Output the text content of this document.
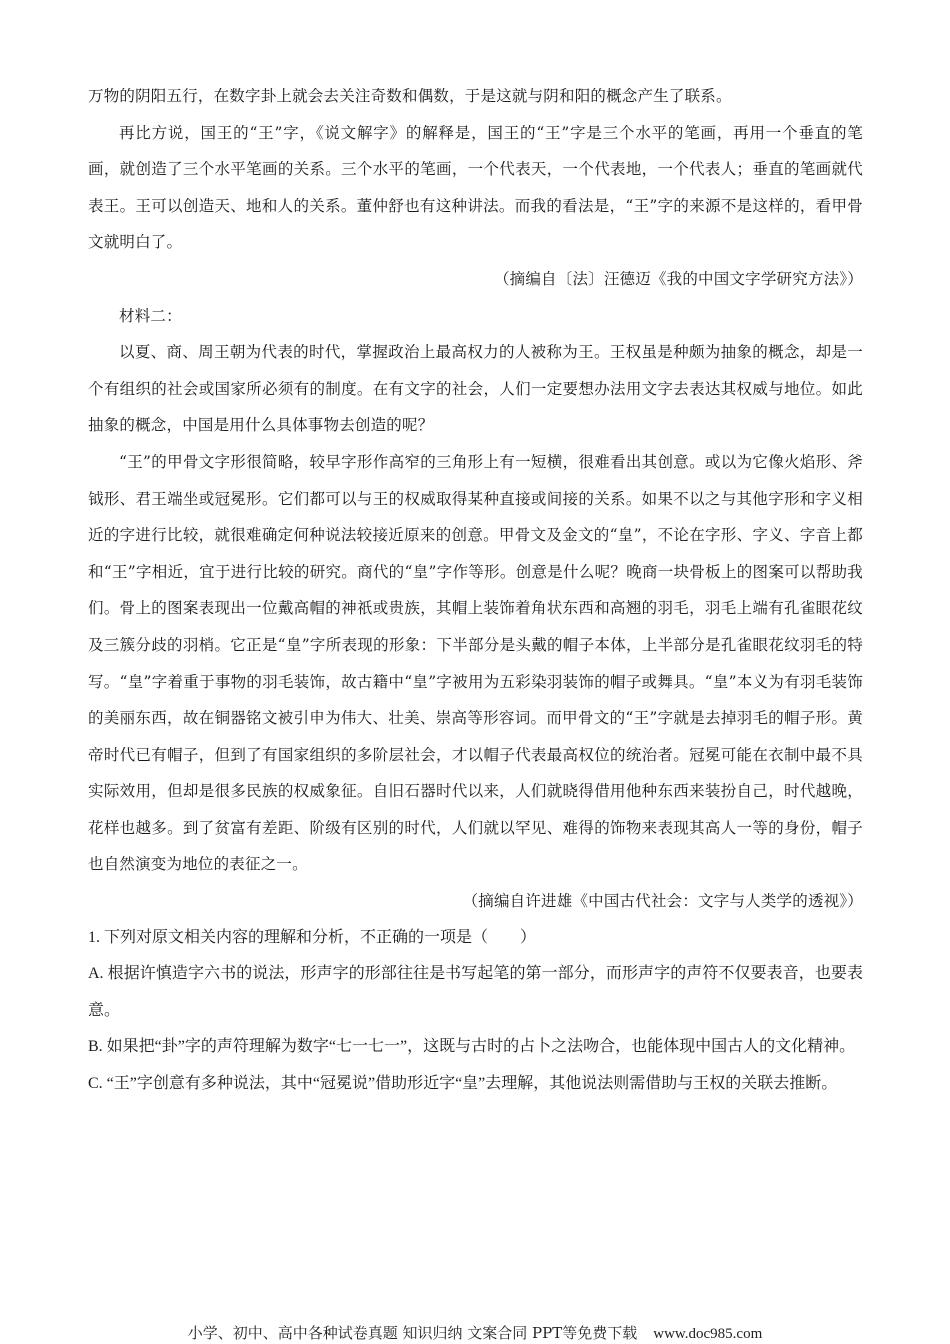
万物的阴阳五行，在数字卦上就会去关注奇数和偶数，于是这就与阴和阳的概念产生了联系。

再比方说，国王的“王”字，《说文解字》的解释是，国王的“王”字是三个水平的笔画，再用一个垂直的笔画，就创造了三个水平笔画的关系。三个水平的笔画，一个代表天，一个代表地，一个代表人；垂直的笔画就代表王。王可以创造天、地和人的关系。董仲舒也有这种讲法。而我的看法是，“王”字的来源不是这样的，看甲骨文就明白了。

（摘编自〔法〕汪德迈《我的中国文字学研究方法》）

材料二：

以夏、商、周王朝为代表的时代，掌握政治上最高权力的人被称为王。王权虽是种颇为抽象的概念，却是一个有组织的社会或国家所必须有的制度。在有文字的社会，人们一定要想办法用文字去表达其权威与地位。如此抽象的概念，中国是用什么具体事物去创造的呢？

“王”的甲骨文字形很简略，较早字形作高窄的三角形上有一短横，很难看出其创意。或以为它像火焰形、斧钺形、君王端坐或冠冕形。它们都可以与王的权威取得某种直接或间接的关系。如果不以之与其他字形和字义相近的字进行比较，就很难确定何种说法较接近原来的创意。甲骨文及金文的“皇”，不论在字形、字义、字音上都和“王”字相近，宜于进行比较的研究。商代的“皇”字作等形。创意是什么呢？晚商一块骨板上的图案可以帮助我们。骨上的图案表现出一位戴高帽的神祇或贵族，其帽上装饰着角状东西和高翘的羽毛，羽毛上端有孔雀眼花纹及三簇分歧的羽梢。它正是“皇”字所表现的形象：下半部分是头戴的帽子本体，上半部分是孔雀眼花纹羽毛的特写。“皇”字着重于事物的羽毛装饰，故古籍中“皇”字被用为五彩染羽装饰的帽子或舞具。“皇”本义为有羽毛装饰的美丽东西，故在铜器铭文被引申为伟大、壮美、崇高等形容词。而甲骨文的“王”字就是去掉羽毛的帽子形。黄帝时代已有帽子，但到了有国家组织的多阶层社会，才以帽子代表最高权位的统治者。冠冕可能在衣制中最不具实际效用，但却是很多民族的权威象征。自旧石器时代以来，人们就晓得借用他种东西来装扮自己，时代越晚，花样也越多。到了贫富有差距、阶级有区别的时代，人们就以罕见、难得的饰物来表现其高人一等的身份，帽子也自然演变为地位的表征之一。

（摘编自许进雄《中国古代社会：文字与人类学的透视》）

1. 下列对原文相关内容的理解和分析，不正确的一项是（　　）

A. 根据许慎造字六书的说法，形声字的形部往往是书写起笔的第一部分，而形声字的声符不仅要表音，也要表意。

B. 如果把“卦”字的声符理解为数字“七一七一”，这既与古时的占卜之法吻合，也能体现中国古人的文化精神。

C. “王”字创意有多种说法，其中“冠冕说”借助形近字“皇”去理解，其他说法则需借助与王权的关联去推断。

小学、初中、高中各种试卷真题 知识归纳 文案合同 PPT等免费下载 www.doc985.com
